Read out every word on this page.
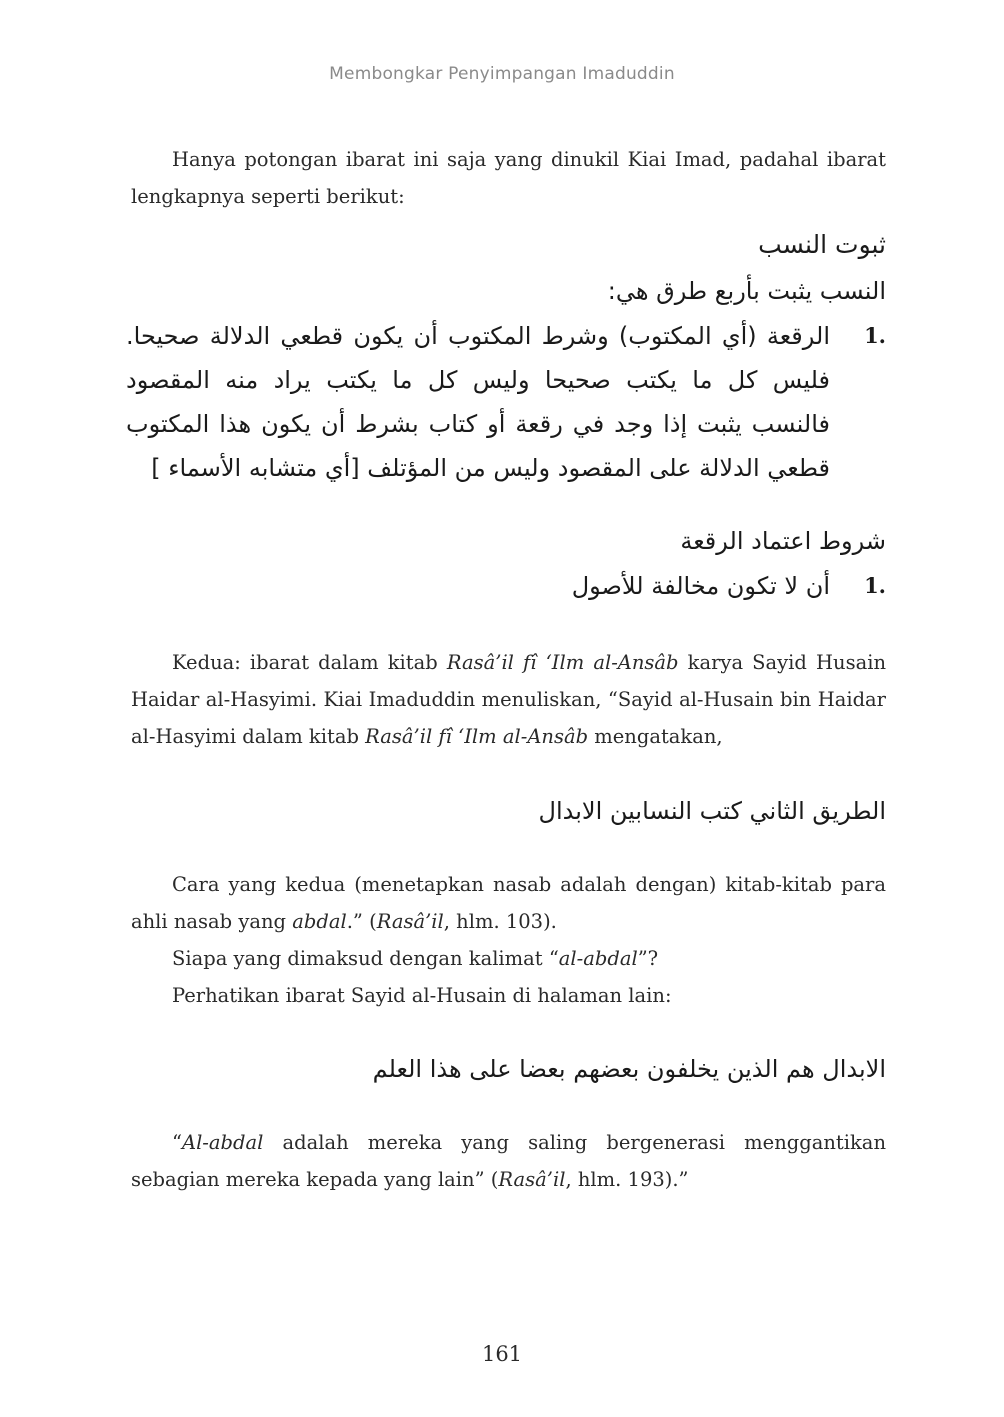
Membongkar Penyimpangan Imaduddin

Hanya potongan ibarat ini saja yang dinukil Kiai Imad, padahal ibarat lengkapnya seperti berikut:

ثبوت النسب

النسب يثبت بأربع طرق هي:

1.
الرقعة (أي المكتوب) وشرط المكتوب أن يكون قطعي الدلالة صحيحا. فليس كل ما يكتب صحيحا وليس كل ما يكتب يراد منه المقصود فالنسب يثبت إذا وجد في رقعة أو كتاب بشرط أن يكون هذا المكتوب قطعي الدلالة على المقصود وليس من المؤتلف [أي متشابه الأسماء ]

شروط اعتماد الرقعة

1.
أن لا تكون مخالفة للأصول

Kedua: ibarat dalam kitab Rasâ’il fî ‘Ilm al-Ansâb karya Sayid Husain Haidar al-Hasyimi. Kiai Imaduddin menuliskan, “Sayid al-Husain bin Haidar al-Hasyimi dalam kitab Rasâ’il fî ‘Ilm al-Ansâb mengatakan,

الطريق الثاني كتب النسابين الابدال

Cara yang kedua (menetapkan nasab adalah dengan) kitab-kitab para ahli nasab yang abdal.” (Rasâ’il, hlm. 103).

Siapa yang dimaksud dengan kalimat “al-abdal”?

Perhatikan ibarat Sayid al-Husain di halaman lain:

الابدال هم الذين يخلفون بعضهم بعضا على هذا العلم

“Al-abdal adalah mereka yang saling bergenerasi menggantikan sebagian mereka kepada yang lain” (Rasâ’il, hlm. 193).”

161
